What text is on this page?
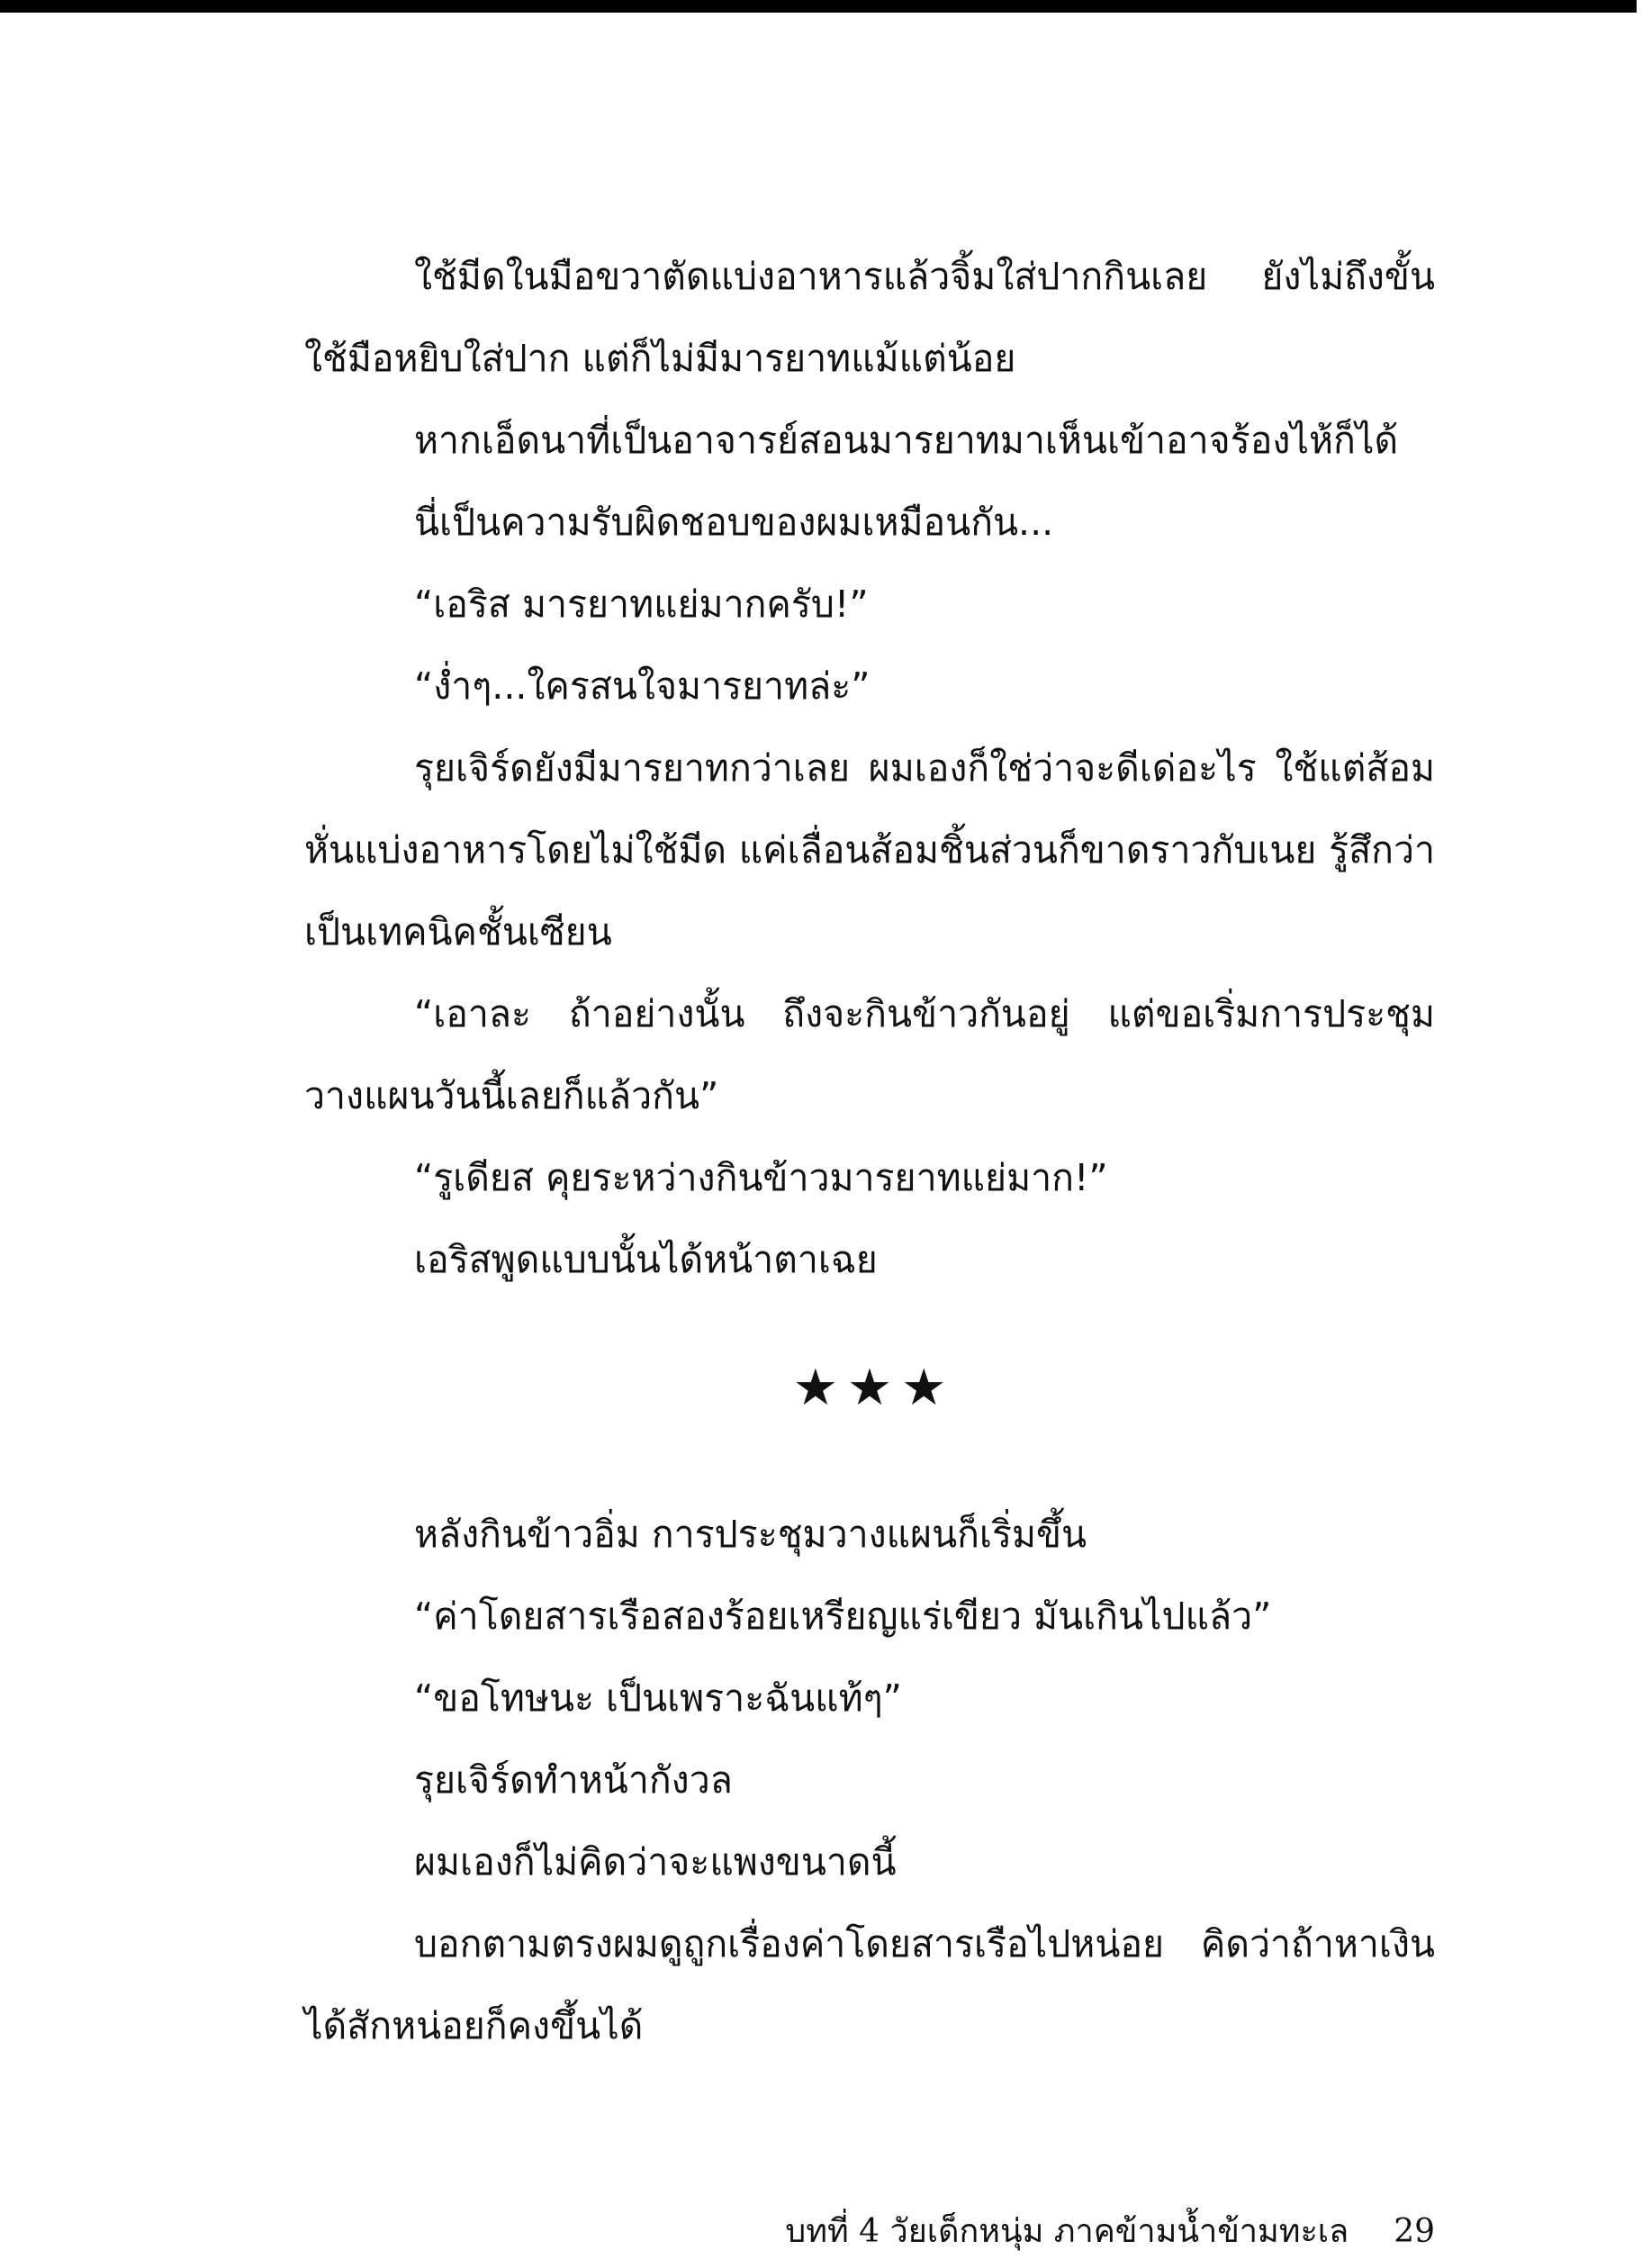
ใช้มีดในมือขวาตัดแบ่งอาหารแล้วจิ้มใส่ปากกินเลย ยังไม่ถึงขั้นใช้มือหยิบใส่ปาก แต่ก็ไม่มีมารยาทแม้แต่น้อย

หากเอ็ดนาที่เป็นอาจารย์สอนมารยาทมาเห็นเข้าอาจร้องไห้ก็ได้

นี่เป็นความรับผิดชอบของผมเหมือนกัน...

“เอริส มารยาทแย่มากครับ!”

“ง่ำๆ...ใครสนใจมารยาทล่ะ”

รุยเจิร์ดยังมีมารยาทกว่าเลย ผมเองก็ใช่ว่าจะดีเด่อะไร ใช้แต่ส้อมหั่นแบ่งอาหารโดยไม่ใช้มีด แค่เลื่อนส้อมชิ้นส่วนก็ขาดราวกับเนย รู้สึกว่าเป็นเทคนิคชั้นเซียน

“เอาละ ถ้าอย่างนั้น ถึงจะกินข้าวกันอยู่ แต่ขอเริ่มการประชุมวางแผนวันนี้เลยก็แล้วกัน”

“รูเดียส คุยระหว่างกินข้าวมารยาทแย่มาก!”

เอริสพูดแบบนั้นได้หน้าตาเฉย

★★★

หลังกินข้าวอิ่ม การประชุมวางแผนก็เริ่มขึ้น

“ค่าโดยสารเรือสองร้อยเหรียญแร่เขียว มันเกินไปแล้ว”

“ขอโทษนะ เป็นเพราะฉันแท้ๆ”

รุยเจิร์ดทำหน้ากังวล

ผมเองก็ไม่คิดว่าจะแพงขนาดนี้

บอกตามตรงผมดูถูกเรื่องค่าโดยสารเรือไปหน่อย คิดว่าถ้าหาเงินได้สักหน่อยก็คงขึ้นได้

บทที่ 4 วัยเด็กหนุ่ม ภาคข้ามน้ำข้ามทะเล 29
